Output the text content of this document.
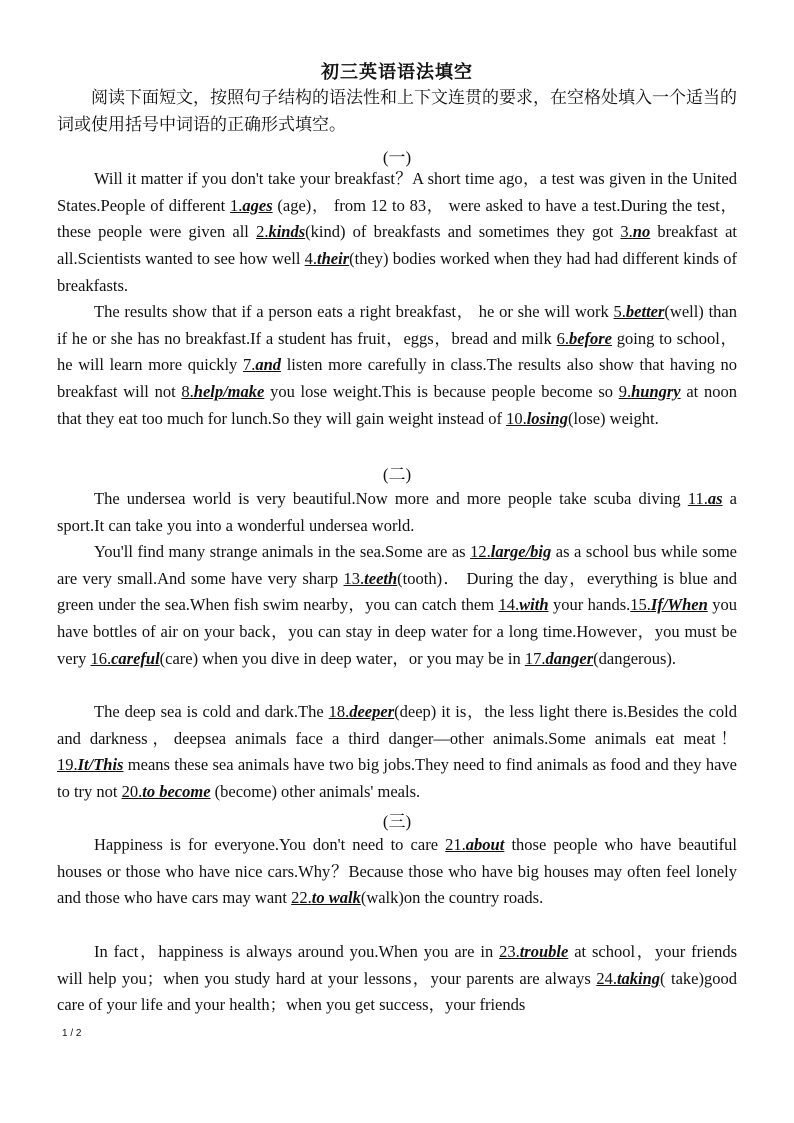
初三英语语法填空
阅读下面短文，按照句子结构的语法性和上下文连贯的要求，在空格处填入一个适当的词或使用括号中词语的正确形式填空。
(一)
Will it matter if you don't take your breakfast？A short time ago，a test was given in the United States.People of different 1.ages (age)， from 12 to 83， were asked to have a test.During the test，these people were given all 2.kinds(kind) of breakfasts and sometimes they got 3.no breakfast at all.Scientists wanted to see how well 4.their(they) bodies worked when they had had different kinds of breakfasts.
The results show that if a person eats a right breakfast， he or she will work 5.better(well) than if he or she has no breakfast.If a student has fruit，eggs，bread and milk 6.before going to school， he will learn more quickly 7.and listen more carefully in class.The results also show that having no breakfast will not 8.help/make you lose weight.This is because people become so 9.hungry at noon that they eat too much for lunch.So they will gain weight instead of 10.losing(lose) weight.
(二)
The undersea world is very beautiful.Now more and more people take scuba diving 11.as a sport.It can take you into a wonderful undersea world.
You'll find many strange animals in the sea.Some are as 12.large/big as a school bus while some are very small.And some have very sharp 13.teeth(tooth)． During the day，everything is blue and green under the sea.When fish swim nearby，you can catch them 14.with your hands.15.If/When you have bottles of air on your back，you can stay in deep water for a long time.However，you must be very 16.careful(care) when you dive in deep water，or you may be in 17.danger(dangerous).
The deep sea is cold and dark.The 18.deeper(deep) it is，the less light there is.Besides the cold and darkness，deepsea animals face a third danger—other animals.Some animals eat meat！ 19.It/This means these sea animals have two big jobs.They need to find animals as food and they have to try not 20.to become (become) other animals' meals.
(三)
Happiness is for everyone.You don't need to care 21.about those people who have beautiful houses or those who have nice cars.Why？Because those who have big houses may often feel lonely and those who have cars may want 22.to walk(walk)on the country roads.
In fact，happiness is always around you.When you are in 23.trouble at school，your friends will help you；when you study hard at your lessons，your parents are always 24.taking( take)good care of your life and your health；when you get success，your friends
1 / 2
